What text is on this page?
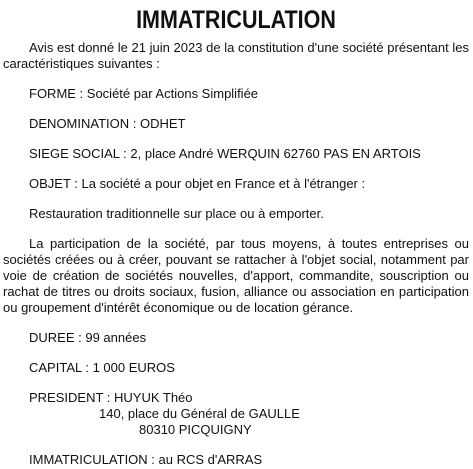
IMMATRICULATION

Avis est donné le 21 juin 2023 de la constitution d'une société présentant les caractéristiques suivantes :

FORME : Société par Actions Simplifiée

DENOMINATION : ODHET

SIEGE SOCIAL : 2, place André WERQUIN 62760 PAS EN ARTOIS

OBJET : La société a pour objet en France et à l'étranger :

Restauration traditionnelle sur place ou à emporter.

La participation de la société, par tous moyens, à toutes entreprises ou sociétés créées ou à créer, pouvant se rattacher à l'objet social, notamment par voie de création de sociétés nouvelles, d'apport, commandite, souscription ou rachat de titres ou droits sociaux, fusion, alliance ou association en participation ou groupement d'intérêt économique ou de location gérance.

DUREE : 99 années

CAPITAL : 1 000 EUROS

PRESIDENT : HUYUK Théo
140, place du Général de GAULLE
80310 PICQUIGNY

IMMATRICULATION : au RCS d'ARRAS
